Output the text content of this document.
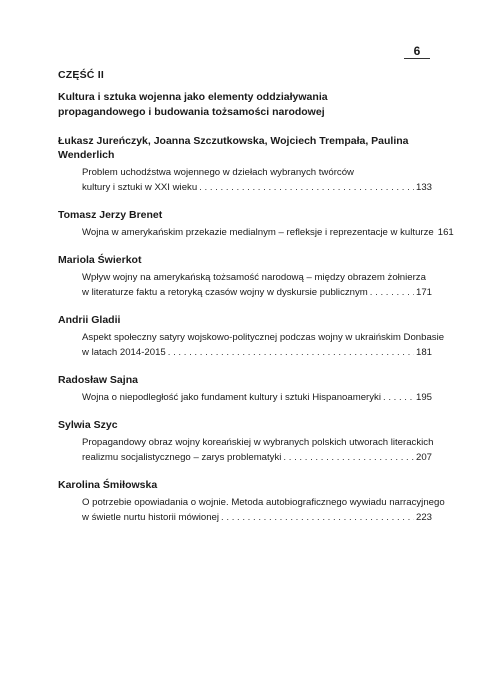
6
CZĘŚĆ II
Kultura i sztuka wojenna jako elementy oddziaływania
propagandowego i budowania tożsamości narodowej
Łukasz Jureńczyk, Joanna Szczutkowska, Wojciech Trempała, Paulina Wenderlich
Problem uchodźstwa wojennego w dziełach wybranych twórców
kultury i sztuki w XXI wieku . . .	133
Tomasz Jerzy Brenet
Wojna w amerykańskim przekazie medialnym – refleksje i reprezentacje w kulturze 161
Mariola Świerkot
Wpływ wojny na amerykańską tożsamość narodową – między obrazem żołnierza
w literaturze faktu a retoryką czasów wojny w dyskursie publicznym . . .	171
Andrii Gladii
Aspekt społeczny satyry wojskowo-politycznej podczas wojny w ukraińskim Donbasie
w latach 2014-2015 . . .	181
Radosław Sajna
Wojna o niepodległość jako fundament kultury i sztuki Hispanoameryki . . .	195
Sylwia Szyc
Propagandowy obraz wojny koreańskiej w wybranych polskich utworach literackich
realizmu socjalistycznego – zarys problematyki . . .	207
Karolina Śmiłowska
O potrzebie opowiadania o wojnie. Metoda autobiograficznego wywiadu narracyjnego
w świetle nurtu historii mówionej . . .	223
